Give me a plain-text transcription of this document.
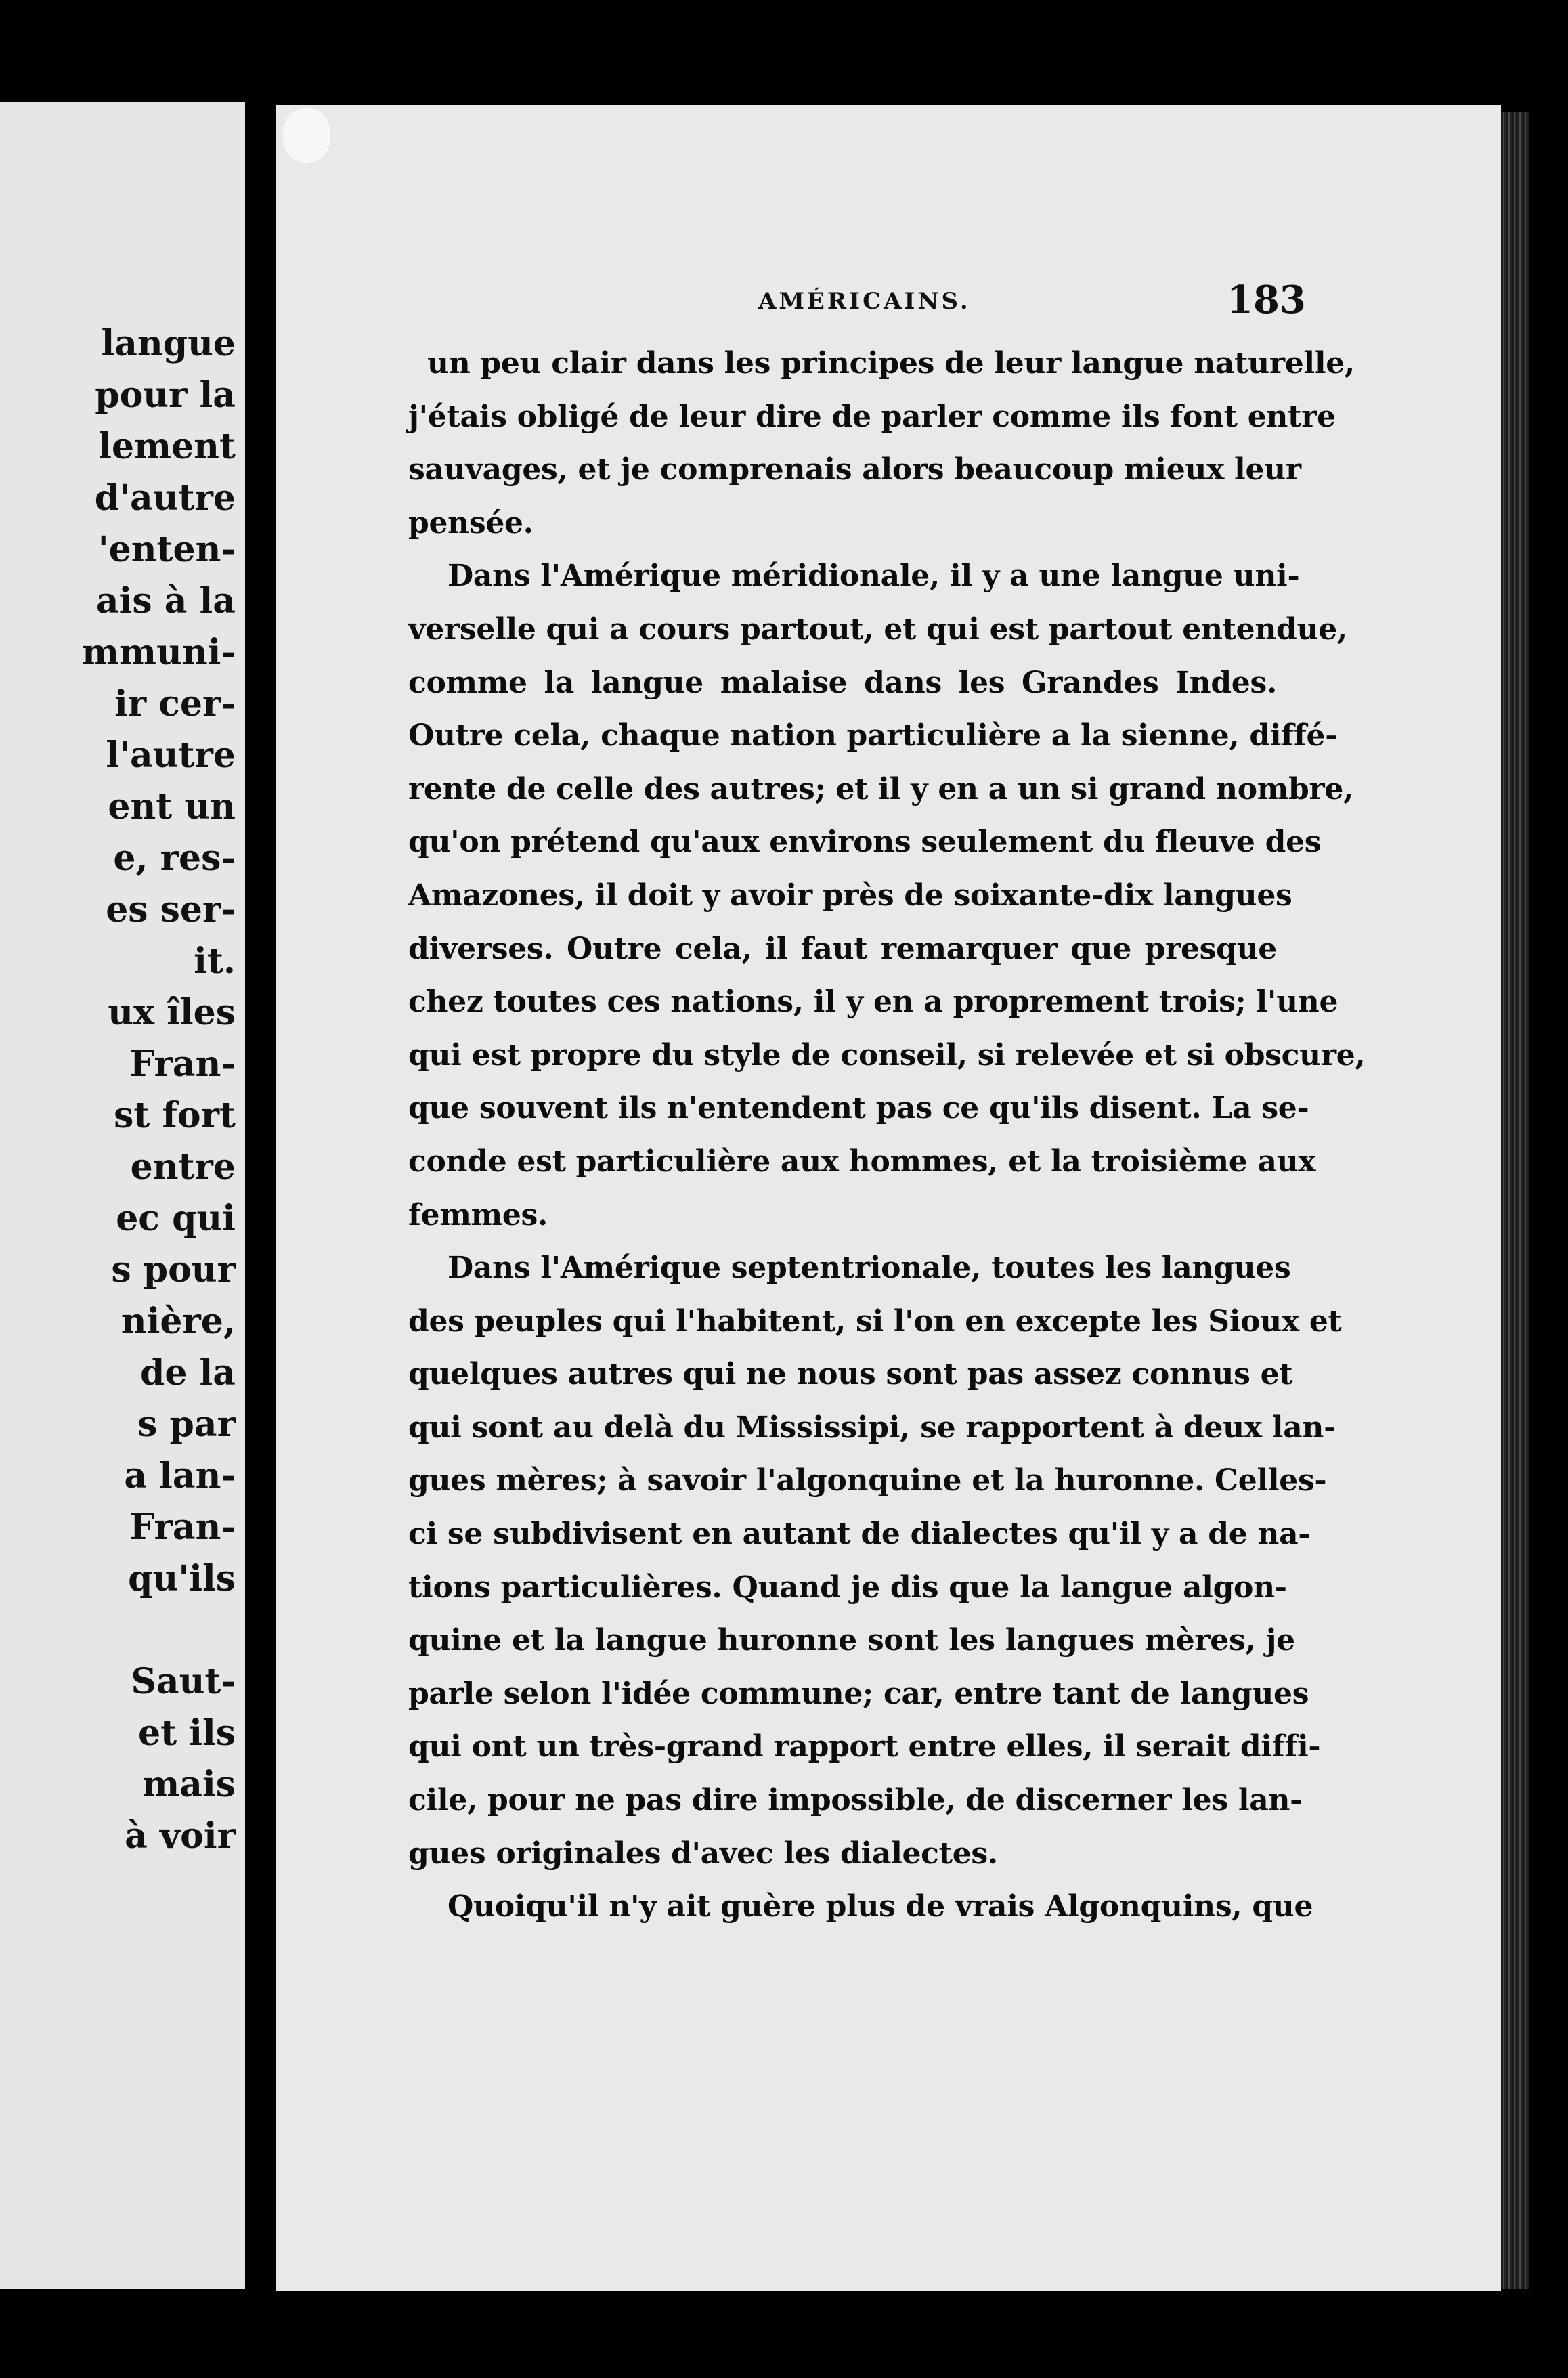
langue
pour la
lement
d'autre
'enten-
ais à la
mmuni-
ir cer-
l'autre
ent un
e, res-
es ser-
it.
ux îles
Fran-
st fort
entre
ec qui
s pour
nière,
de la
s par
a lan-
Fran-
qu'ils
Saut-
et ils
mais
à voir
AMÉRICAINS.	183
un peu clair dans les principes de leur langue naturelle,
j'étais obligé de leur dire de parler comme ils font entre
sauvages, et je comprenais alors beaucoup mieux leur
pensée.
Dans l'Amérique méridionale, il y a une langue uni-
verselle qui a cours partout, et qui est partout entendue,
comme la langue malaise dans les Grandes Indes.
Outre cela, chaque nation particulière a la sienne, diffé-
rente de celle des autres; et il y en a un si grand nombre,
qu'on prétend qu'aux environs seulement du fleuve des
Amazones, il doit y avoir près de soixante-dix langues
diverses. Outre cela, il faut remarquer que presque
chez toutes ces nations, il y en a proprement trois; l'une
qui est propre du style de conseil, si relevée et si obscure,
que souvent ils n'entendent pas ce qu'ils disent. La se-
conde est particulière aux hommes, et la troisième aux
femmes.
Dans l'Amérique septentrionale, toutes les langues
des peuples qui l'habitent, si l'on en excepte les Sioux et
quelques autres qui ne nous sont pas assez connus et
qui sont au delà du Mississipi, se rapportent à deux lan-
gues mères; à savoir l'algonquine et la huronne. Celles-
ci se subdivisent en autant de dialectes qu'il y a de na-
tions particulières. Quand je dis que la langue algon-
quine et la langue huronne sont les langues mères, je
parle selon l'idée commune; car, entre tant de langues
qui ont un très-grand rapport entre elles, il serait diffi-
cile, pour ne pas dire impossible, de discerner les lan-
gues originales d'avec les dialectes.
Quoiqu'il n'y ait guère plus de vrais Algonquins, que
